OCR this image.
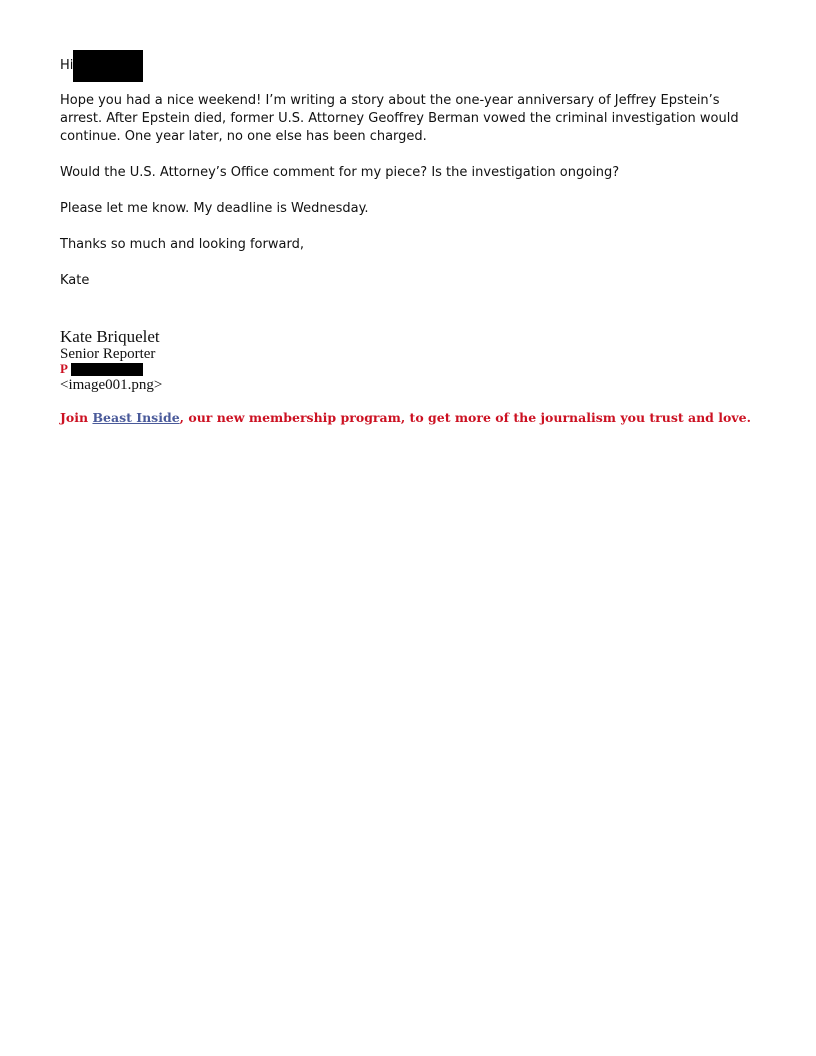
Hi

Hope you had a nice weekend! I’m writing a story about the one-year anniversary of Jeffrey Epstein’s arrest. After Epstein died, former U.S. Attorney Geoffrey Berman vowed the criminal investigation would continue. One year later, no one else has been charged.

Would the U.S. Attorney’s Office comment for my piece? Is the investigation ongoing?

Please let me know. My deadline is Wednesday.

Thanks so much and looking forward,

Kate

Kate Briquelet
Senior Reporter
P
<image001.png>
Join Beast Inside, our new membership program, to get more of the journalism you trust and love.
